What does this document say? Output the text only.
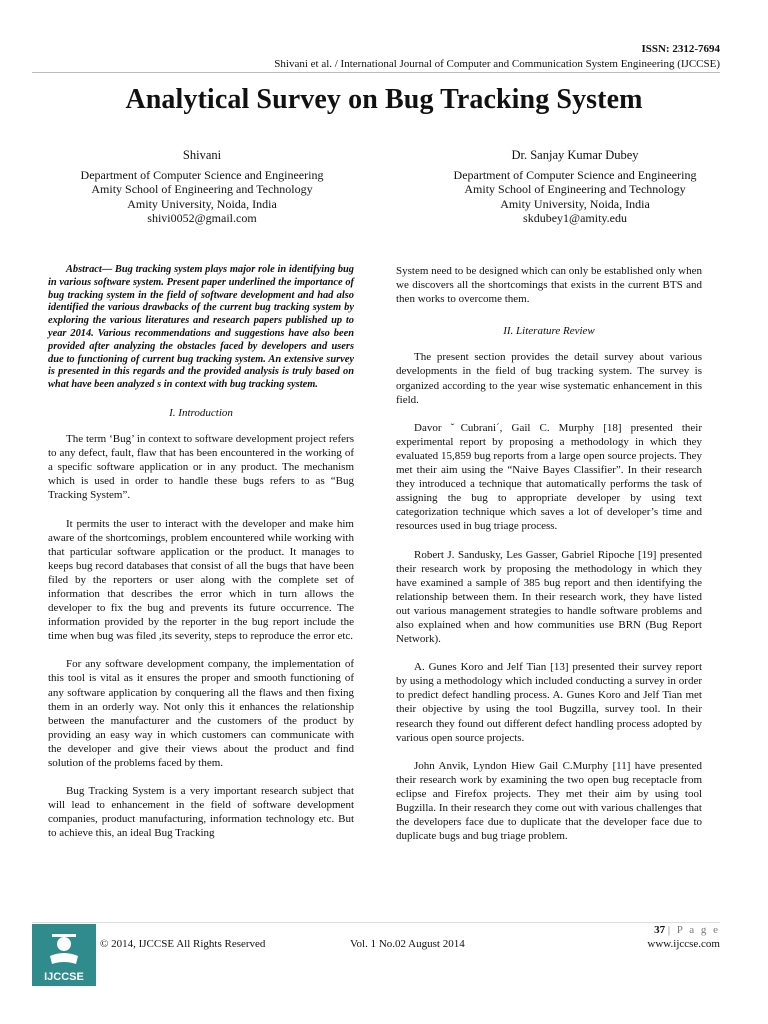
ISSN: 2312-7694
Shivani et al. / International Journal of Computer and Communication System Engineering (IJCCSE)
Analytical Survey on Bug Tracking System
Shivani
Department of Computer Science and Engineering
Amity School of Engineering and Technology
Amity University, Noida, India
shivi0052@gmail.com
Dr. Sanjay Kumar Dubey
Department of Computer Science and Engineering
Amity School of Engineering and Technology
Amity University, Noida, India
skdubey1@amity.edu

Abstract— Bug tracking system plays major role in identifying bug in various software system. Present paper underlined the importance of bug tracking system in the field of software development and had also identified the various drawbacks of the current bug tracking system by exploring the various literatures and research papers published up to year 2014. Various recommendations and suggestions have also been provided after analyzing the obstacles faced by developers and users due to functioning of current bug tracking system. An extensive survey is presented in this regards and the provided analysis is truly based on what have been analyzed s in context with bug tracking system.

I. Introduction

The term ‘Bug’ in context to software development project refers to any defect, fault, flaw that has been encountered in the working of a specific software application or in any product. The mechanism which is used in order to handle these bugs refers to as “Bug Tracking System”.

It permits the user to interact with the developer and make him aware of the shortcomings, problem encountered while working with that particular software application or the product. It manages to keeps bug record databases that consist of all the bugs that have been filed by the reporters or user along with the complete set of information that describes the error which in turn allows the developer to fix the bug and prevents its future occurrence. The information provided by the reporter in the bug report include the time when bug was filed ,its severity, steps to reproduce the error etc.

For any software development company, the implementation of this tool is vital as it ensures the proper and smooth functioning of any software application by conquering all the flaws and then fixing them in an orderly way. Not only this it enhances the relationship between the manufacturer and the customers of the product by providing an easy way in which customers can communicate with the developer and give their views about the product and find solution of the problems faced by them.

Bug Tracking System is a very important research subject that will lead to enhancement in the field of software development companies, product manufacturing, information technology etc. But to achieve this, an ideal Bug Tracking

System need to be designed which can only be established only when we discovers all the shortcomings that exists in the current BTS and then works to overcome them.

II. Literature Review

The present section provides the detail survey about various developments in the field of bug tracking system. The survey is organized according to the year wise systematic enhancement in this field.

Davor ˇCubrani´, Gail C. Murphy [18] presented their experimental report by proposing a methodology in which they evaluated 15,859 bug reports from a large open source projects. They met their aim using the “Naive Bayes Classifier”. In their research they introduced a technique that automatically performs the task of assigning the bug to appropriate developer by using text categorization technique which saves a lot of developer’s time and resources used in bug triage process.

Robert J. Sandusky, Les Gasser, Gabriel Ripoche [19] presented their research work by proposing the methodology in which they have examined a sample of 385 bug report and then identifying the relationship between them. In their research work, they have listed out various management strategies to handle software problems and also explained when and how communities use BRN (Bug Report Network).

A. Gunes Koro and Jelf Tian [13] presented their survey report by using a methodology which included conducting a survey in order to predict defect handling process. A. Gunes Koro and Jelf Tian met their objective by using the tool Bugzilla, survey tool. In their research they found out different defect handling process adopted by various open source projects.

John Anvik, Lyndon Hiew Gail C.Murphy [11] have presented their research work by examining the two open bug receptacle from eclipse and Firefox projects. They met their aim by using tool Bugzilla. In their research they come out with various challenges that the developers face due to duplicate that the developer face due to duplicate bugs and bug triage problem.

IJCCSE
37 | P a g e
© 2014, IJCCSE All Rights Reserved	Vol. 1 No.02 August 2014	www.ijccse.com
